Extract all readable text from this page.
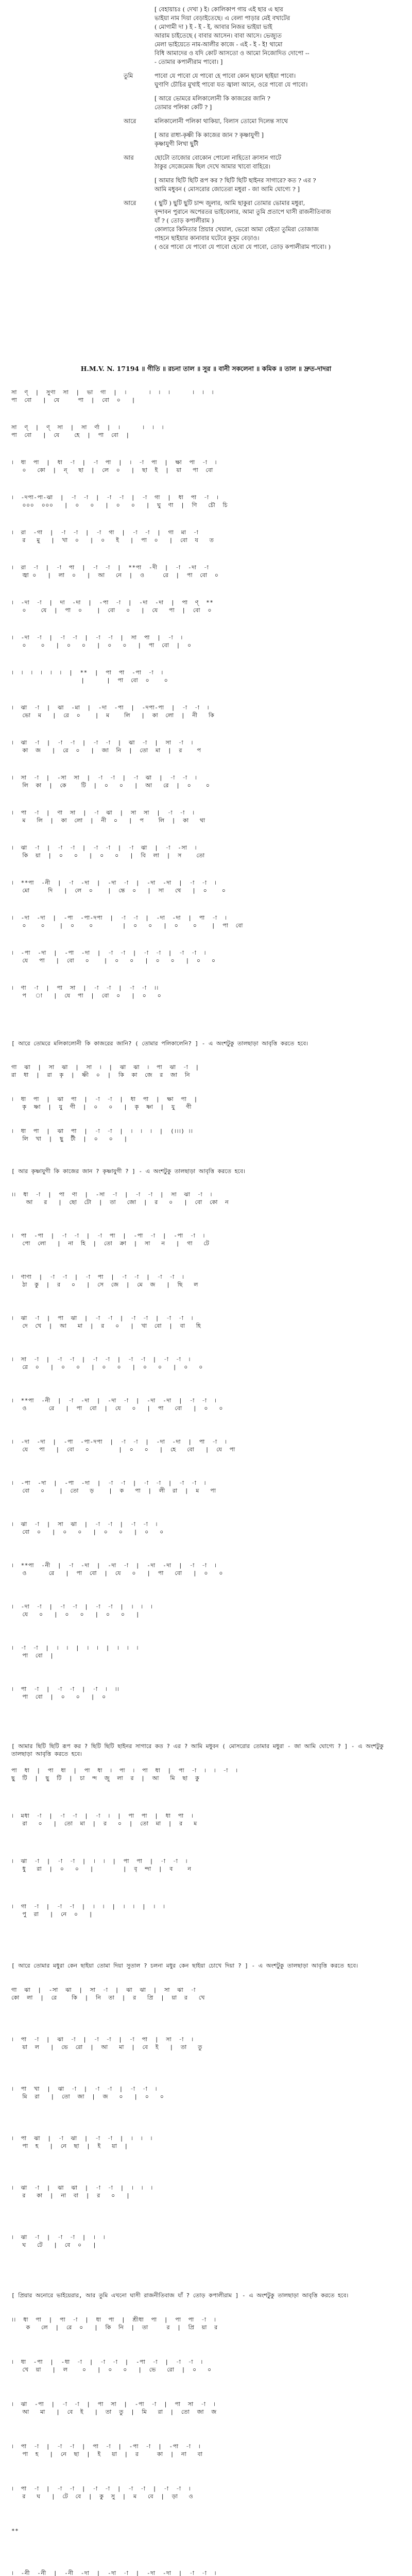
[ বেহায়াচঃ ( দেখা ) ই। কোলিকাপ গায় এই ছার এ ছার
ভাইয়া নাম দিয়া বেড়াইতেছে। এ বেলা পাড়ার মেই বখাটের
( মোগামী দা ) ই - ই - ই, আবার নিজর ভাইয়া ভাই
আরাম চাইতেছে ( বাবার আসেন। বাবা আসে। ভেজ্যুত
মেলা ভাইয়েতে নাম-আলীর কাজে - এই - ই - ই! থামো
বিধি আমাদের ও যদি কোট আসতো ও আমো নিজোদিত দোপো --
- তোমার কপালীরাম পাবো। ]
তুমি	পাবো যে পাবো যে পাবো হে পাবো কোন ছালে ছাইয়া পাবো।
ঘুণাণি চৌচির মুখাই পাবো যত জ্বালা আনে, ওরে পাবো যে পাবো।
[ আরে ভোমরে মলিকালোনী কি কাজরের জানি ?
তোমার পলিকা কেটি ? ]
আরে	মলিকালোনী পলিকা থাকিয়া, বিলাস তোমো দিলেন্ত সাথে
[ আর রাধা-কৃষ্ণী কি কাজের জান ? কৃষ্ণাযুগী ]
কৃষ্ণাযুগী লিখা ছুটী
আর	ছোটো তাজোর বোকোন পোলো নাহিতো ক্রাসান গাটে
ঠাকুর সেজেমেজ ছিল দেখে আমার খাবো বাহিরে।
[ আমার ছিটি ছিটি রূপ কর ? ছিটি ছিটি ছাইনর সাগারে? কত ? এর ?
আমি মধুবন ( মোসরোর জোতেরা মধুরা - জা আমি ঘোগ্যে ? ]
আরে	( ছুটি ) ছুটি ছুটি চান্দ জুলার, আমি ছাকুরা তোমার ভোমার মধুরা,
বৃন্দাবন পুরানে অপেরতর ভাইবেলার, আমা তুমি প্রতাপে ঘাসী রাজনীতিবাজ
যাঁ ? ( তোড় কপালীরাম )
কোলারে কিনিতার প্রিয়ার খেয়াল, ভেরো আমা বেইতা তুমিরা তোজাজ
পাহনে ছাইয়ার কানাবার ঘটেবে কুসুম বেড়াও।
( ওরে পাবো যে পাবো যে পাবো হেবো যে পাবো, তোড় কপালীরাম পাবো। )
H.M.V. N. 17194 ॥ গীতি ॥ রচনা তাল ॥ সুর ॥ বানী সকলেনা ॥ কমিক ॥ তাল ॥ দ্রুত-দাদরা
সা  ণ্‌  |  সুণা  সা  |  ভা  গা  |  ।      ।  ।  ।      ।  ।  ।
পা  বো   |  যে     পা  |  বো  ০   |
সা  ণ্‌  |  ণ্‌  সা  |  সা  ৰ্ণা  |  ।      ।  ।  ।
পা  বো   |  যে    হে  |  পা  বো  |
।  ধা  পা  |  ধা  -া  |  -া  পা  |  ।  -া  পা  |  ক্ষা  পা  -া  ।
০   কো  |  ন্‌   ছা  |  লে  ০   |  ছা  ই  |  য়া   পা  বো
।  -দপা-পা-ঝা  |  -া  -া  |  -া  -া  |  -া  গা  |  ধা  পা  -া  ।
০০০  ০০০   |  ০   ০   |  ০   ০   |  ঘু  ণা  |  ণি   চৌ  চি
।  রা  -গা  |  -া  -া  |  -া  গা  |  -া  -া  |  গা  মা  -া
র   মু   |  খা  ০   |  ০   ই   |  পা  ০   |  বো  য   ত
।  রা  -া  |  -া  পা  |  -া  -া  |  **পা  -দী  |  -া  -দা  -া
জ্বা ০   |  লা  ০   |  আ   নে  |  ও     রে  |  পা  বো  ০
।  -দা  -া  |  দা  -দা  |  -পা  -া  |  -দা  -দা  |  পা  ণ্‌  **
০    যে  |  পা  ০    |  বো   ০   |  যে   পা  |  বো  ০
।  -দা  -া  |  -া  -া  |  -া  -া  |  সা  পা  |  -া  ।
০    ০   |  ০   ০   |  ০   ০   |  পা  বো  |  ০
।  ।  ।  ।  ।  ।  |  **  |  পা  পা  -পা  -া  ।
|      |  পা  বো  ০    ০
।  ঝা  -া  |  ঝা  -মা  |  -দা  -পা  |  -দপা-পা  |  -া  -া  ।
ভো  ম   |  রে  ০    |  ম    লি   |  কা  লো  |  নী   কি
।  ঝা  -া  |  -া  -া  |  -া  -া  |  ঝা  -া  |  সা  -া  ।
কা  জ   |  রে  ০   |  জা  নি  |  তো  মা  |  র    প
।  সা  -া  |  -সা  সা  |  -া  -া  |  -া  ঝা  |  -া  -া  ।
লি  কা  |  কে    টি  |  ০   ০   |  আ   রে  |  ০    ০
।  পা  -া  |  ণা  সা  |  -া  ঝা  |  সা  সা  |  -া  -া  ।
ম   লি  |  কা  লো  |  নী  ০   |  প    লি  |  কা   থা
।  ঝা  -া  |  -া  -া  |  -া  -া  |  -া  ঝা  |  -া  -সা  ।
কি  য়া  |  ০   ০   |  ০   ০   |  বি  লা  |  স    তো
।  **পা  -নী  |  -া  -দা  |  -দা  -া  |  -দা  -দা  |  -া  -া  ।
মো     দি   |  লে  ০    |  ন্তে  ০   |  সা   থে   |  ০    ০
।  -দা  -দা  |  -পা  -পা-দপা  |  -া  -া  |  -দা  -দা  |  পা  -া  ।
০    ০    |  ০    ০        |  ০   ০   |  ০    ০    |  পা  বো
।  -পা  -দা  |  -পা  -দা  |  -া  -া  |  -া  -া  |  -া  -া  ।
যে   পা   |  বো   ০    |  ০   ০   |  ০   ০   |  ০   ০
।  ণা  -া  |  পা  সা  |  -া  -া  |  -া  -া  ।।
প   া   |  যে  পা  |  বো  ০   |  ০   ০
[ আরে তোমরে মলিকালোনী কি কাজরের জানি? ( তোমার পলিকালেনি? ] - এ অংশটুকু তালছাড়া আবৃত্তি করতে হবে।
গা  ঝা  |  সা  ঝা  |  সা  ।  |  ঝা  ঝা  ।  পা  ঝা  -া  |
রা  ধা  |  রা  কৃ  |  ষ্ণী  ০  |  কি  কা  জে  র  জা  নি
।  ধা  পা  |  ঝা  পা  |  -া  -া  |  ধা  পা  |  ক্ষা  পা  |
কৃ  ষ্ণা  |  যু  গী  |  ০   ০   |  কৃ  ষ্ণা  |  যু   গী
।  ধা  পা  |  ঝা  পা  |  -া  -া  |  ।  ।  ।  |  (।।।) ।।
লি  খা  |  ছু  টী  |  ০   ০   |
[ আর কৃষ্ণাযুগী কি কাজের জান ? কৃষ্ণাযুগী ? ] - এ অংশটুকু তালছাড়া আবৃত্তি করতে হবে।
।।  ধা  -া  |  পা  ণা  |  -সা  -া  |  -া  -া  |  সা  ঝা  -া  ।
আ   র   |  ছো  টো  |  তা   জো  |  র   ০   |  বো  কো  ন
।  পা  -পা  |  -া  -া  |  -া  পা  |  -পা  -া  |  -পা  -া  ।
পো  লো   |  না  হি  |  তো  ক্রা  |  সা   ন   |  গা   টে
।  ণাণা  |  -া  -া  |  -া  পা  |  -া  -া  |  -া  -া  ।
ঠা  কু  |  র   ০   |  সে  জে  |  মে  জ   |  ছি   ল
।  ঝা  -া  |  পা  ঝা  |  -া  -া  |  -া  -া  |  -া  -া  ।
দে  খে  |  আ   মা  |  র   ০   |  খা  বো  |  বা   হি
।  সা  -া  |  -া  -া  |  -া  -া  |  -া  -া  |  -া  -া  ।
রে  ০   |  ০   ০   |  ০   ০   |  ০   ০   |  ০   ০
।  **পা  -নী  |  -া  -দা  |  -দা  -া  |  -দা  -দা  |  -া  -া  ।
ও      রে   |  পা  বো  |  যে   ০   |  পা   বো   |  ০   ০
।  -দা  -দা  |  -পা  -পা-দপা  |  -া  -া  |  -দা  -দা  |  পা  -া  ।
যে   পা   |  বো   ০        |  ০   ০   |  হে   বো   |  যে  পা
।  -পা  -দা  |  -পা  -দা  |  -া  -া  |  -া  -া  |  -া  -া  ।
বো   ০    |  তো   ড়    |  ক   পা  |  লী  রা  |  ম   পা
।  ঝা  -া  |  সা  ঝা  |  -া  -া  |  -া  -া  ।
বো  ০   |  ০   ০   |  ০   ০   |  ০   ০
।  **পা  -নী  |  -া  -দা  |  -দা  -া  |  -দা  -দা  |  -া  -া  ।
ও      রে   |  পা  বো  |  যে   ০   |  পা   বো   |  ০   ০
।  -দা  -া  |  -া  -া  |  -া  -া  |  ।  ।  ।
যে   ০   |  ০   ০   |  ০   ০   |
।  -া  -া  |  ।  ।  |  ।  ।  |  ।  ।  ।
পা  বো  |
।  পা  -া  |  -া  -া  |  -া  ।  ।।
পা  বো  |  ০   ০   |  ০
[ আমার ছিটি ছিটি রূপ কর ? ছিটি ছিটি ছাইনর সাগারে কত ? এর ? আমি মধুবন ( মোসরোর তোমার মধুরা - জা আমি ঘোগ্যে ? ] - এ অংশটুকু তালছাড়া আবৃত্তি করতে হবে।
পা  ধা  |  পা  ধা  |  পা  ধা  ।  পা  ।  পা  ধা  |  পা  -া  ।  ।  -া  ।
ছু  টি  |  ছু  টি  |  চা  ন্দ  জু  লা  র  |  আ   মি  ছা  কু
।  মধা  -া  |  -া  -া  |  -া  ।  |  পা  পা  |  ধা  পা  ।
রা   ০   |  তো  মা  |  র   ০  |  তো  মা  |  র   ম
।  ঝা  -া  |  -া  -া  |  ।  ।  |  পা  পা  |  -া  -া  ।
ধু   রা  |  ০   ০   |        |  বৃ  ন্দা  |  ব    ন
।  গা  -া  |  -া  -া  |  ।  ।  |  ।  ।  |  ।  ।
পু  রা   |  নে  ০   |
[ আরে তোমার মধুরা কেন ছাইয়া তোমা দিয়া সুতাল ? চলনা মধুর কেন ছাইয়া চোখে দিয়া ? ] - এ অংশটুকু তালছাড়া আবৃত্তি করতে হবে।
গা  ঝা  |  -সা  ঝা  |  সা  -া  |  ঝা  ঝা  |  সা  ঝা  -া
কো  লা  |  রে    কি  |  নি  তা  |  র   প্রি  |  য়া  র   খে
।  পা  -া  |  ঝা  -া  |  -া  -া  |  -া  পা  |  সা  -া  ।
য়া  ল   |  ভে  রো  |  আ   মা  |  বে  ই   |  তা   তু
।  পা  খা  |  ঝা  -া  |  -া  -া  |  -া  -া  ।
মি  রা   |  তো  জা  |  জ   ০   |  ০   ০
।  পা  ঝা  |  -া  ঝা  |  -া  -া  |  ।  ।  ।
পা  হ   |  নে  ছা  |  ই   য়া  |
।  ঝা  -া  |  ঝা  ঝা  |  -া  -া  |  ।  ।  ।
র   কা  |  না  বা  |  র   ০   |
।  ঝা  -া  |  -া  -া  |  ।  ।
ঘ   টে   |  বে  ০   |
[ প্রিয়ার অনোরে ভাইয়েরার, আর তুমি এখনো ঘাসী রাজনীতিবাজ যাঁ ? তোড় কপালীরাম ] - এ অংশটুকু তালছাড়া আবৃত্তি করতে হবে।
।।  ধা  পা  |  পা  -া  |  ধা  পা  |  শ্রীধা  পা  |  পা  পা  -া  ।
ক   লে  |  রে  ০   |  কি  নি  |  তা     র  |  প্রি  য়া  র
।  ধা  -পা  |  -ধা  -া  |  -া  -া  |  -পা  -া  |  -া  -া  ।
খে  য়া   |  ল    ০   |  ০   ০   |  ভে   রো  |  ০   ০
।  ঝা  -পা  |  -া  -া  |  পা  সা  |  -পা  -া  |  পা  সা  -া  ।
আ   মা   |  বে  ই   |  তা  তু  |  মি   রা  |  তো  জা  জ
।  পা  -া  |  -া  -া  |  পা  -া  |  -পা  -া  |  -পা  -া  ।
পা  হ   |  নে  ছা  |  ই   য়া  |  র     কা  |  না   বা
।  পা  -া  |  -া  -া  |  -া  -া  |  -া  -া  |  -া  -া  ।
র   ঘ   |  টে  বে  |  কু  সু  |  ম   বে  |  ড়া   ও
**
।  -নী  -নী  |  -নী  -দা  |  -দা  -া  |  -দা  -দা  |  -া  -া  ।
